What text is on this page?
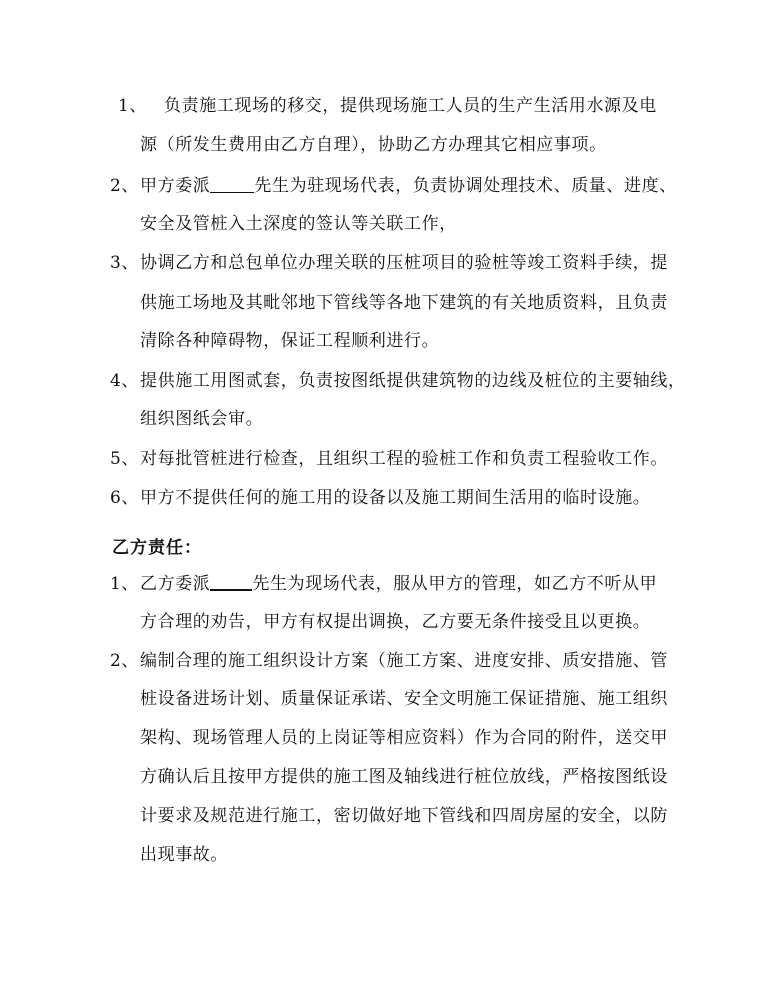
1、 负责施工现场的移交，提供现场施工人员的生产生活用水源及电
源（所发生费用由乙方自理），协助乙方办理其它相应事项。
2、甲方委派	先生为驻现场代表，负责协调处理技术、质量、进度、
安全及管桩入土深度的签认等关联工作，
3、协调乙方和总包单位办理关联的压桩项目的验桩等竣工资料手续，提
供施工场地及其毗邻地下管线等各地下建筑的有关地质资料，且负责
清除各种障碍物，保证工程顺利进行。
4、提供施工用图贰套，负责按图纸提供建筑物的边线及桩位的主要轴线，
组织图纸会审。
5、对每批管桩进行检查，且组织工程的验桩工作和负责工程验收工作。
6、甲方不提供任何的施工用的设备以及施工期间生活用的临时设施。
乙方责任：
1、乙方委派 先生为现场代表，服从甲方的管理，如乙方不听从甲
方合理的劝告，甲方有权提出调换，乙方要无条件接受且以更换。
2、编制合理的施工组织设计方案（施工方案、进度安排、质安措施、管
桩设备进场计划、质量保证承诺、安全文明施工保证措施、施工组织
架构、现场管理人员的上岗证等相应资料）作为合同的附件，送交甲
方确认后且按甲方提供的施工图及轴线进行桩位放线，严格按图纸设
计要求及规范进行施工，密切做好地下管线和四周房屋的安全，以防
出现事故。
